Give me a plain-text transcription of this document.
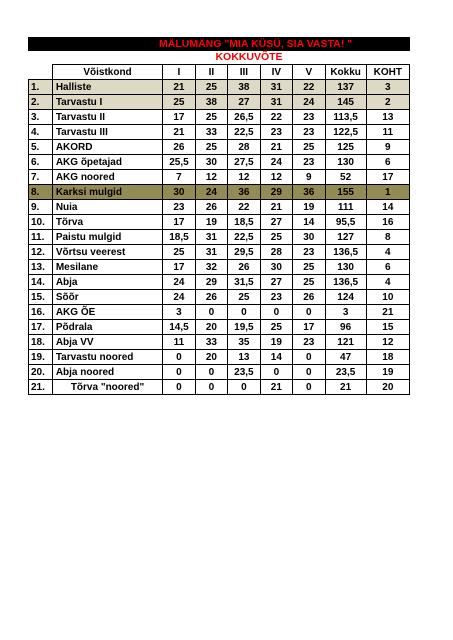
MÄLUMÄNG "MIA KÜSÜ, SIA VASTA! "
KOKKUVÕTE
	Võistkond	I	II	III	IV	V	Kokku	KOHT
1.	Halliste	21	25	38	31	22	137	3
2.	Tarvastu I	25	38	27	31	24	145	2
3.	Tarvastu II	17	25	26,5	22	23	113,5	13
4.	Tarvastu III	21	33	22,5	23	23	122,5	11
5.	AKORD	26	25	28	21	25	125	9
6.	AKG õpetajad	25,5	30	27,5	24	23	130	6
7.	AKG noored	7	12	12	12	9	52	17
8.	Karksi mulgid	30	24	36	29	36	155	1
9.	Nuia	23	26	22	21	19	111	14
10.	Tõrva	17	19	18,5	27	14	95,5	16
11.	Paistu mulgid	18,5	31	22,5	25	30	127	8
12.	Võrtsu veerest	25	31	29,5	28	23	136,5	4
13.	Mesilane	17	32	26	30	25	130	6
14.	Abja	24	29	31,5	27	25	136,5	4
15.	Sõõr	24	26	25	23	26	124	10
16.	AKG ÕE	3	0	0	0	0	3	21
17.	Põdrala	14,5	20	19,5	25	17	96	15
18.	Abja VV	11	33	35	19	23	121	12
19.	Tarvastu noored	0	20	13	14	0	47	18
20.	Abja noored	0	0	23,5	0	0	23,5	19
21.	Tõrva "noored"	0	0	0	21	0	21	20
